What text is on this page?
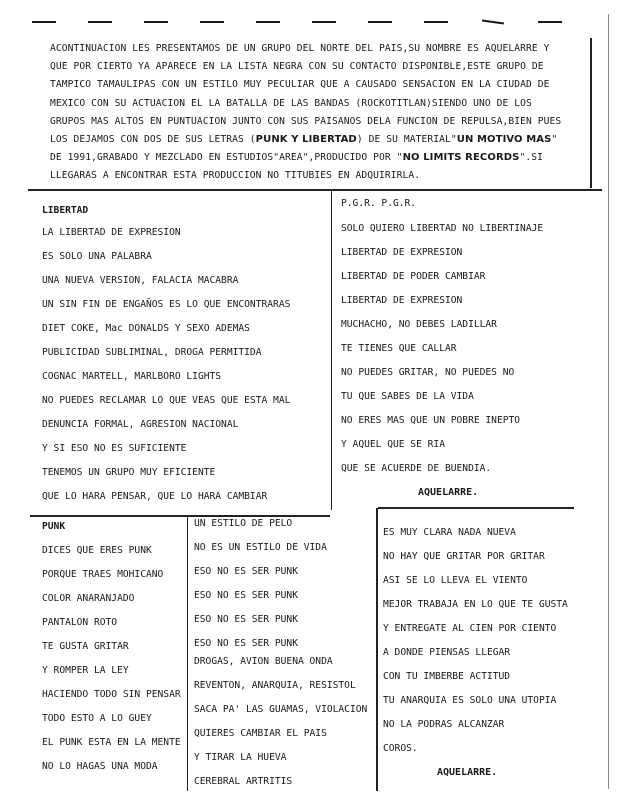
ACONTINUACION LES PRESENTAMOS DE UN GRUPO DEL NORTE DEL PAIS,SU NOMBRE ES AQUELARRE Y QUE POR CIERTO YA APARECE EN LA LISTA NEGRA CON SU CONTACTO DISPONIBLE,ESTE GRUPO DE TAMPICO TAMAULIPAS CON UN ESTILO MUY PECULIAR QUE A CAUSADO SENSACION EN LA CIUDAD DE MEXICO CON SU ACTUACION EL LA BATALLA DE LAS BANDAS (ROCKOTITLAN)SIENDO UNO DE LOS GRUPOS MAS ALTOS EN PUNTUACION JUNTO CON SUS PAISANOS DELA FUNCION DE REPULSA,BIEN PUES LOS DEJAMOS CON DOS DE SUS LETRAS (PUNK Y LIBERTAD) DE SU MATERIAL"UN MOTIVO MAS" DE 1991,GRABADO Y MEZCLADO EN ESTUDIOS"AREA",PRODUCIDO POR "NO LIMITS RECORDS".SI LLEGARAS A ENCONTRAR ESTA PRODUCCION NO TITUBIES EN ADQUIRIRLA.

LIBERTAD
LA LIBERTAD DE EXPRESION
ES SOLO UNA PALABRA
UNA NUEVA VERSION, FALACIA MACABRA
UN SIN FIN DE ENGAÑOS ES LO QUE ENCONTRARAS
DIET COKE, Mac DONALDS Y SEXO ADEMAS
PUBLICIDAD SUBLIMINAL, DROGA PERMITIDA
COGNAC MARTELL, MARLBORO LIGHTS
NO PUEDES RECLAMAR LO QUE VEAS QUE ESTA MAL
DENUNCIA FORMAL, AGRESION NACIONAL
Y SI ESO NO ES SUFICIENTE
TENEMOS UN GRUPO MUY EFICIENTE
QUE LO HARA PENSAR, QUE LO HARA CAMBIAR
P.G.R. P.G.R.
SOLO QUIERO LIBERTAD NO LIBERTINAJE
LIBERTAD DE EXPRESION
LIBERTAD DE PODER CAMBIAR
LIBERTAD DE EXPRESION
MUCHACHO, NO DEBES LADILLAR
TE TIENES QUE CALLAR
NO PUEDES GRITAR, NO PUEDES NO
TU QUE SABES DE LA VIDA
NO ERES MAS QUE UN POBRE INEPTO
Y AQUEL QUE SE RIA
QUE SE ACUERDE DE BUENDIA.
AQUELARRE.
PUNK
DICES QUE ERES PUNK
PORQUE TRAES MOHICANO
COLOR ANARANJADO
PANTALON ROTO
TE GUSTA GRITAR
Y ROMPER LA LEY
HACIENDO TODO SIN PENSAR
TODO ESTO A LO GUEY
EL PUNK ESTA EN LA MENTE
NO LO HAGAS UNA MODA
UN ESTILO DE PELO
NO ES UN ESTILO DE VIDA
ESO NO ES SER PUNK
ESO NO ES SER PUNK
ESO NO ES SER PUNK
ESO NO ES SER PUNK
DROGAS, AVION BUENA ONDA
REVENTON, ANARQUIA, RESISTOL
SACA PA' LAS GUAMAS, VIOLACION
QUIERES CAMBIAR EL PAIS
Y TIRAR LA HUEVA
CEREBRAL ARTRITIS
ES MUY CLARA NADA NUEVA
NO HAY QUE GRITAR POR GRITAR
ASI SE LO LLEVA EL VIENTO
MEJOR TRABAJA EN LO QUE TE GUSTA
Y ENTREGATE AL CIEN POR CIENTO
A DONDE PIENSAS LLEGAR
CON TU IMBERBE ACTITUD
TU ANARQUIA ES SOLO UNA UTOPIA
NO LA PODRAS ALCANZAR
COROS.
AQUELARRE.
